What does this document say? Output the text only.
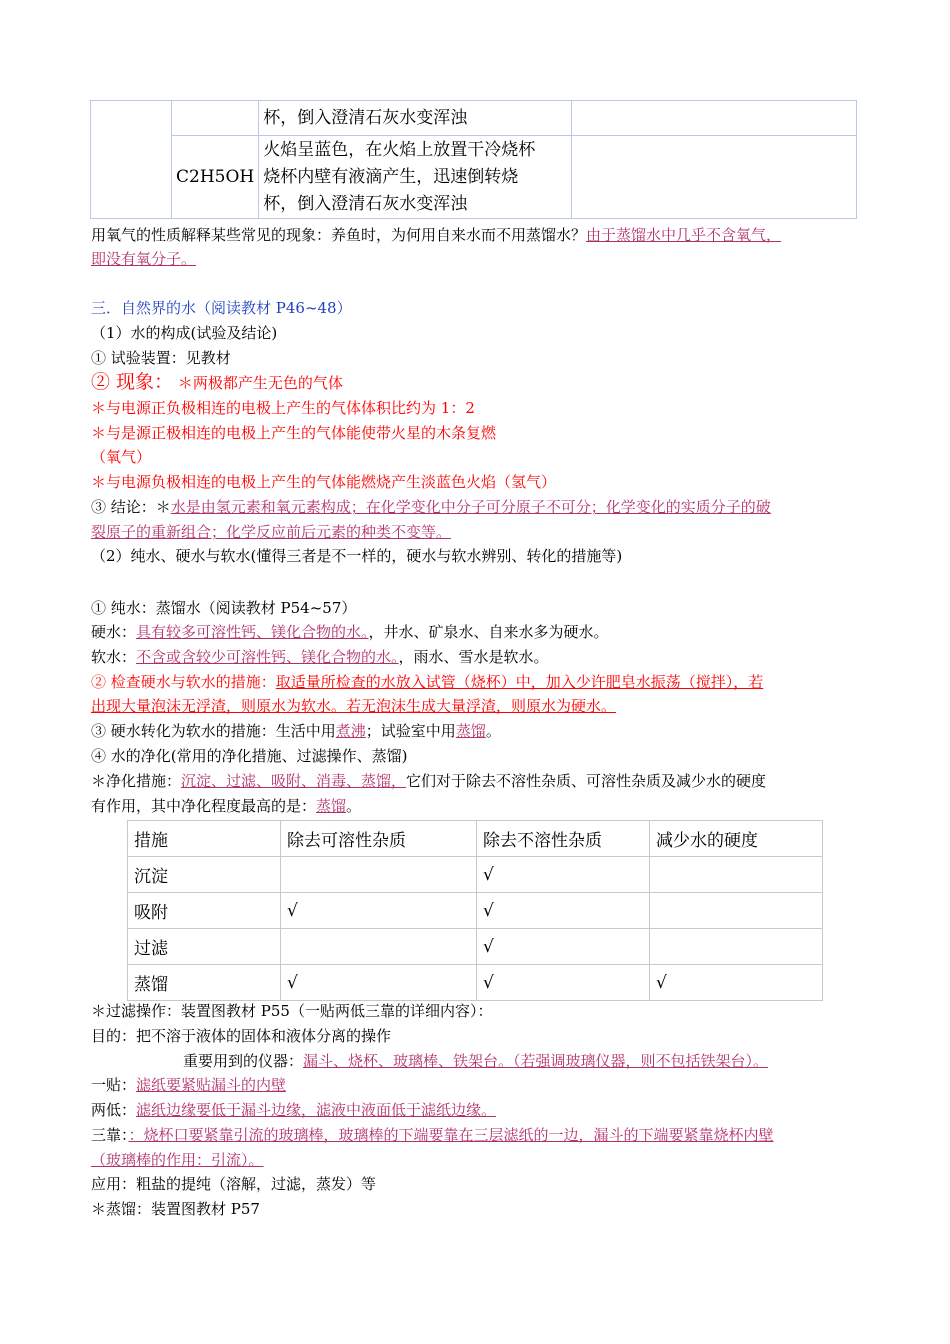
		杯，倒入澄清石灰水变浑浊	
	C2H5OH	火焰呈蓝色，在火焰上放置干冷烧杯
烧杯内壁有液滴产生，迅速倒转烧
杯，倒入澄清石灰水变浑浊	

用氧气的性质解释某些常见的现象：养鱼时，为何用自来水而不用蒸馏水？由于蒸馏水中几乎不含氧气，
即没有氧分子。
三．自然界的水（阅读教材 P46~48）
（1）水的构成(试验及结论)
① 试验装置：见教材
② 现象： ＊两极都产生无色的气体
＊与电源正负极相连的电极上产生的气体体积比约为 1：2
＊与是源正极相连的电极上产生的气体能使带火星的木条复燃
（氧气）
＊与电源负极相连的电极上产生的气体能燃烧产生淡蓝色火焰（氢气）
③ 结论：＊水是由氢元素和氧元素构成；在化学变化中分子可分原子不可分；化学变化的实质分子的破
裂原子的重新组合；化学反应前后元素的种类不变等。
（2）纯水、硬水与软水(懂得三者是不一样的，硬水与软水辨别、转化的措施等)
① 纯水：蒸馏水（阅读教材 P54~57）
硬水：具有较多可溶性钙、镁化合物的水。，井水、矿泉水、自来水多为硬水。
软水：不含或含较少可溶性钙、镁化合物的水。，雨水、雪水是软水。
② 检查硬水与软水的措施：取适量所检查的水放入试管（烧杯）中，加入少许肥皂水振荡（搅拌），若
出现大量泡沫无浮渣，则原水为软水。若无泡沫生成大量浮渣，则原水为硬水。
③ 硬水转化为软水的措施：生活中用煮沸；试验室中用蒸馏。
④ 水的净化(常用的净化措施、过滤操作、蒸馏)
＊净化措施：沉淀、过滤、吸附、消毒、蒸馏，它们对于除去不溶性杂质、可溶性杂质及减少水的硬度
有作用，其中净化程度最高的是：蒸馏。
措施	除去可溶性杂质	除去不溶性杂质	减少水的硬度
沉淀		√	
吸附	√	√	
过滤		√	
蒸馏	√	√	√
＊过滤操作：装置图教材 P55（一贴两低三靠的详细内容）：
目的：把不溶于液体的固体和液体分离的操作
重要用到的仪器：漏斗、烧杯、玻璃棒、铁架台。（若强调玻璃仪器，则不包括铁架台）。
一贴：滤纸要紧贴漏斗的内壁
两低：滤纸边缘要低于漏斗边缘，滤液中液面低于滤纸边缘。
三靠：：烧杯口要紧靠引流的玻璃棒，玻璃棒的下端要靠在三层滤纸的一边，漏斗的下端要紧靠烧杯内壁
（玻璃棒的作用：引流）。
应用：粗盐的提纯（溶解，过滤，蒸发）等
＊蒸馏：装置图教材 P57
